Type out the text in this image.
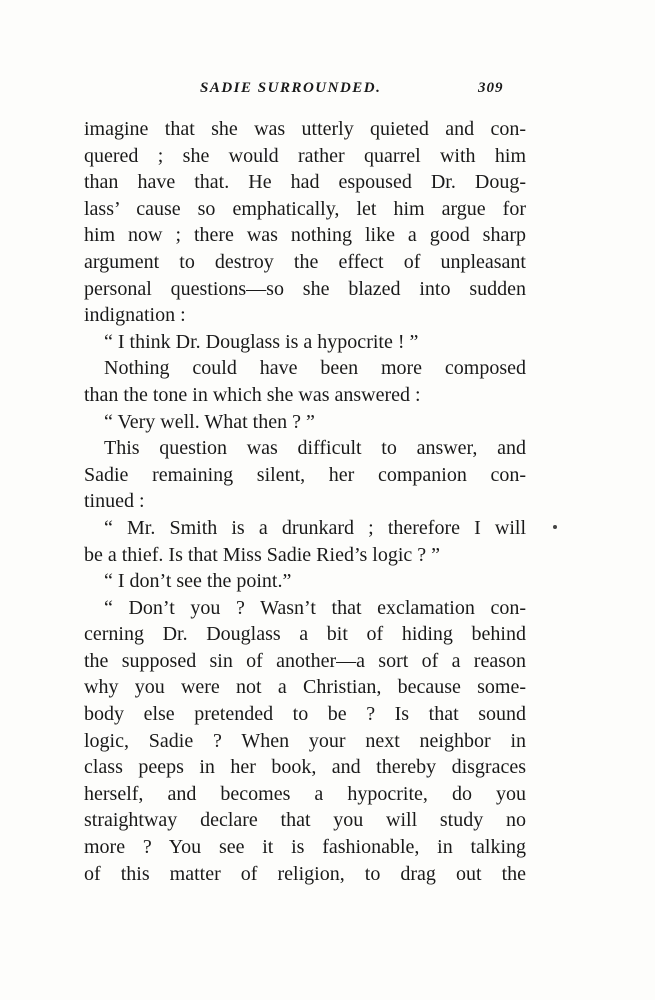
SADIE SURROUNDED.	309
imagine that she was utterly quieted and con-
quered ; she would rather quarrel with him
than have that. He had espoused Dr. Doug-
lass’ cause so emphatically, let him argue for
him now ; there was nothing like a good sharp
argument to destroy the effect of unpleasant
personal questions—so she blazed into sudden
indignation :
“ I think Dr. Douglass is a hypocrite ! ”
Nothing could have been more composed
than the tone in which she was answered :
“ Very well. What then ? ”
This question was difficult to answer, and
Sadie remaining silent, her companion con-
tinued :
“ Mr. Smith is a drunkard ; therefore I will
be a thief. Is that Miss Sadie Ried’s logic ? ”
“ I don’t see the point.”
“ Don’t you ? Wasn’t that exclamation con-
cerning Dr. Douglass a bit of hiding behind
the supposed sin of another—a sort of a reason
why you were not a Christian, because some-
body else pretended to be ? Is that sound
logic, Sadie ? When your next neighbor in
class peeps in her book, and thereby disgraces
herself, and becomes a hypocrite, do you
straightway declare that you will study no
more ? You see it is fashionable, in talking
of this matter of religion, to drag out the
